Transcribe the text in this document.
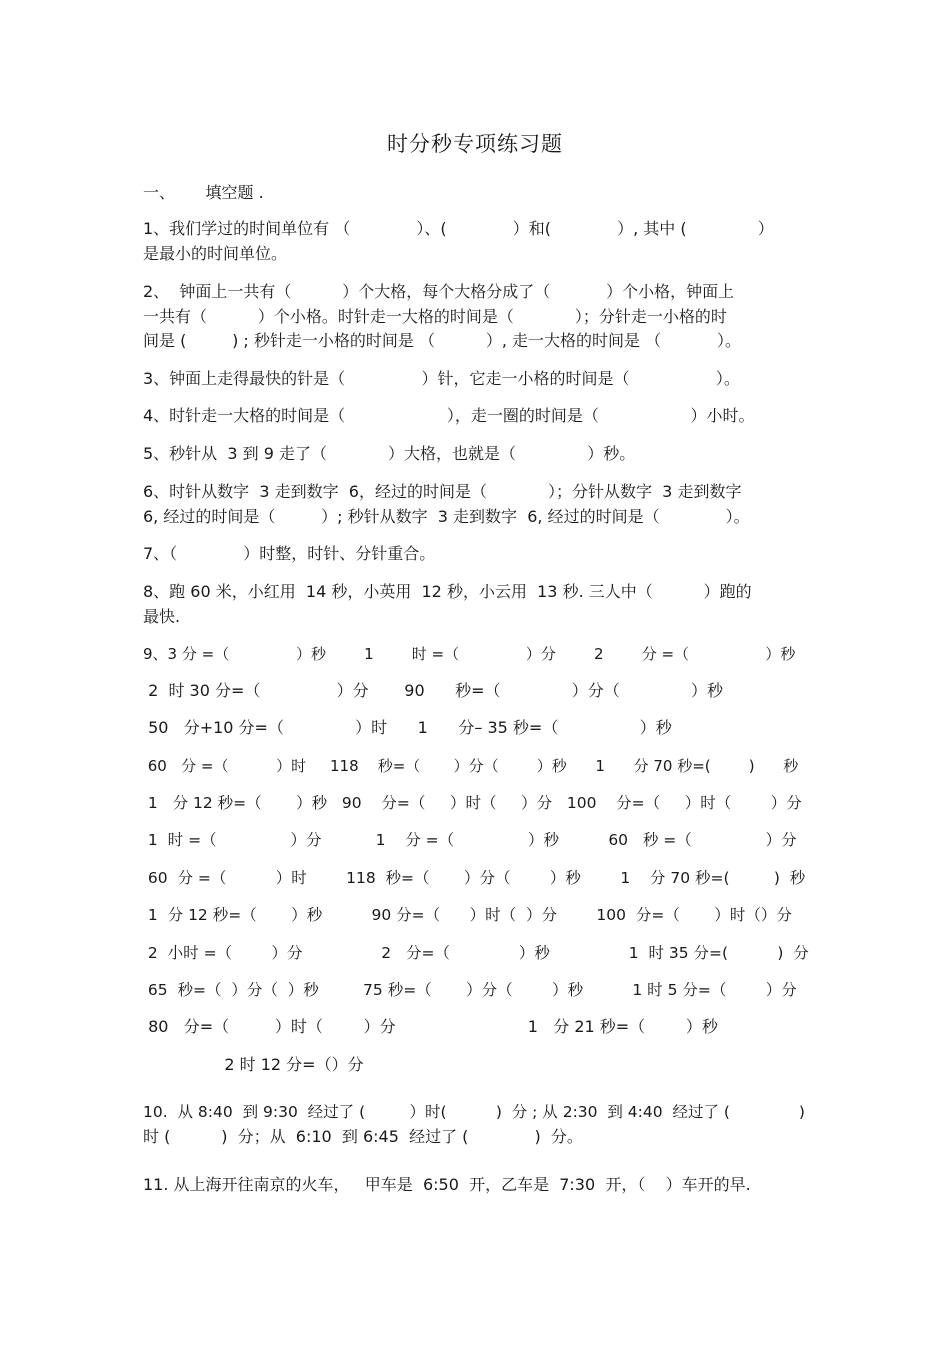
时分秒专项练习题
一、      填空题 .
1、我们学过的时间单位有 （             ）、(             ）和(             ）, 其中 (              ）
是最小的时间单位。
2、  钟面上一共有（          ）个大格，每个大格分成了（           ）个小格，钟面上
一共有（          ）个小格。时针走一大格的时间是（            ）；分针走一小格的时
间是 (         ) ; 秒针走一小格的时间是 （          ）, 走一大格的时间是 （           ）。
3、钟面上走得最快的针是（               ）针，它走一小格的时间是（                 ）。
4、时针走一大格的时间是（                    ），走一圈的时间是（                  ）小时。
5、秒针从  3 到 9 走了（            ）大格，也就是（              ）秒。
6、时针从数字  3 走到数字  6，经过的时间是（            ）；分针从数字  3 走到数字
6, 经过的时间是（         ）; 秒针从数字  3 走到数字  6, 经过的时间是（             ）。
7、（             ）时整，时针、分针重合。
8、跑 60 米，小红用  14 秒，小英用  12 秒，小云用  13 秒. 三人中（          ）跑的
最快.
9、3 分 =（              ）秒        1        时 =（              ）分        2        分 =（                ）秒
2  时 30 分=（               ）分       90      秒=（              ）分（              ）秒
50   分+10 分=（              ）时      1      分– 35 秒=（                ）秒
60   分 =（          ）时     118    秒=（       ）分（        ）秒      1      分 70 秒=(        )      秒
1   分 12 秒=（       ）秒   90    分=（     ）时（     ）分   100    分=（     ）时（        ）分
1  时 =（               ）分           1    分 =（               ）秒          60   秒 =（               ）分
60  分 =（          ）时        118  秒=（       ）分（        ）秒        1    分 70 秒=(         )  秒
1  分 12 秒=（       ）秒          90 分=（      ）时（  ）分        100  分=（       ）时（）分
2  小时 =（        ）分                2   分=（              ）秒                1  时 35 分=(          )  分
65  秒=（  ）分（  ）秒         75 秒=（       ）分（        ）秒          1 时 5 分=（        ）分
80   分=（         ）时（        ）分                          1   分 21 秒=（        ）秒
2 时 12 分=（）分
10.  从 8:40  到 9:30  经过了 (         ）时(          )  分 ; 从 2:30  到 4:40  经过了 (              )
时 (          )  分；从  6:10  到 6:45  经过了 (             )  分。
11. 从上海开往南京的火车，   甲车是  6:50  开，乙车是  7:30  开，（    ）车开的早.
